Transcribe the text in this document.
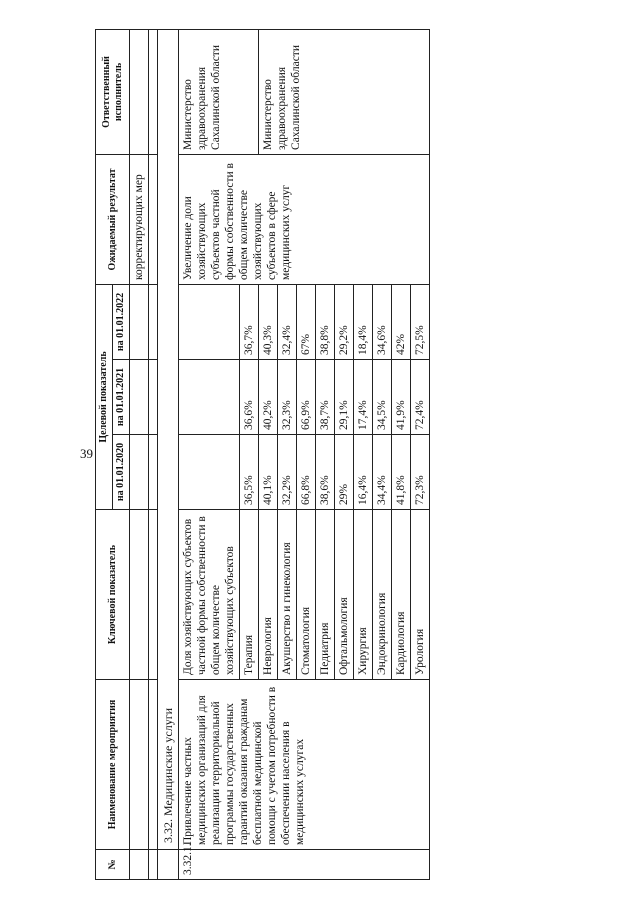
39
№	Наименование мероприятия	Ключевой показатель	Целевой показатель			Ожидаемый результат	Ответственный исполнитель
			на 01.01.2020	на 01.01.2021	на 01.01.2022		
						корректирующих мер	

	3.32. Медицинские услуги						
3.32.1.	Привлечение частных медицинских организаций для реализации территориальной программы государственных гарантий оказания гражданам бесплатной медицинской помощи с учетом потребности в обеспечении населения в медицинских услугах	Доля хозяйствующих субъектов частной формы собственности в общем количестве хозяйствующих субъектов				Увеличение доли хозяйствующих субъектов частной формы собственности в общем количестве хозяйствующих субъектов в сфере медицинских услуг	Министерство здравоохранения Сахалинской области
		Терапия	36,5%	36,6%	36,7%		
		Неврология	40,1%	40,2%	40,3%		Министерство здравоохранения Сахалинской области
		Акушерство и гинекология	32,2%	32,3%	32,4%		
		Стоматология	66,8%	66,9%	67%		
		Педиатрия	38,6%	38,7%	38,8%		
		Офтальмология	29%	29,1%	29,2%		
		Хирургия	16,4%	17,4%	18,4%		
		Эндокринология	34,4%	34,5%	34,6%		
		Кардиология	41,8%	41,9%	42%		
		Урология	72,3%	72,4%	72,5%		
